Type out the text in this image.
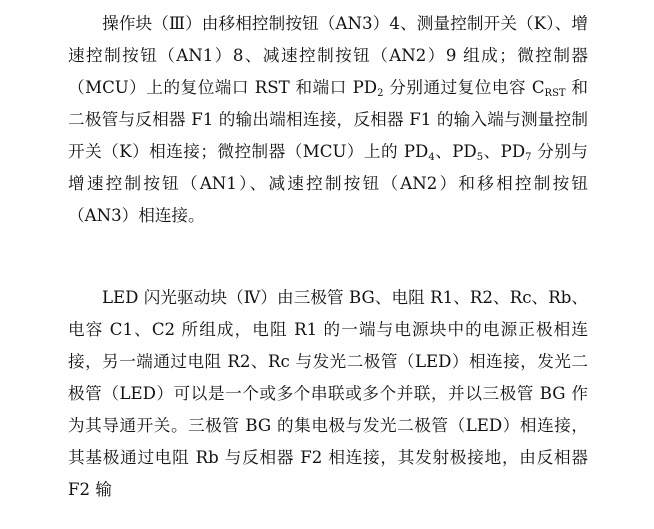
操作块（Ⅲ）由移相控制按钮（AN3）4、测量控制开关（K）、增速控制按钮（AN1）8、减速控制按钮（AN2）9 组成；微控制器（MCU）上的复位端口 RST 和端口 $PD_2$ 分别通过复位电容 $C_{RST}$ 和二极管与反相器 F1 的输出端相连接，反相器 F1 的输入端与测量控制开关（K）相连接；微控制器（MCU）上的 $PD_4$、$PD_5$、$PD_7$ 分别与增速控制按钮（AN1）、减速控制按钮（AN2）和移相控制按钮（AN3）相连接。

LED 闪光驱动块（Ⅳ）由三极管 BG、电阻 R1、R2、Rc、Rb、电容 C1、C2 所组成，电阻 R1 的一端与电源块中的电源正极相连接，另一端通过电阻 R2、Rc 与发光二极管（LED）相连接，发光二极管（LED）可以是一个或多个串联或多个并联，并以三极管 BG 作为其导通开关。三极管 BG 的集电极与发光二极管（LED）相连接，其基极通过电阻 Rb 与反相器 F2 相连接，其发射极接地，由反相器 F2 输
